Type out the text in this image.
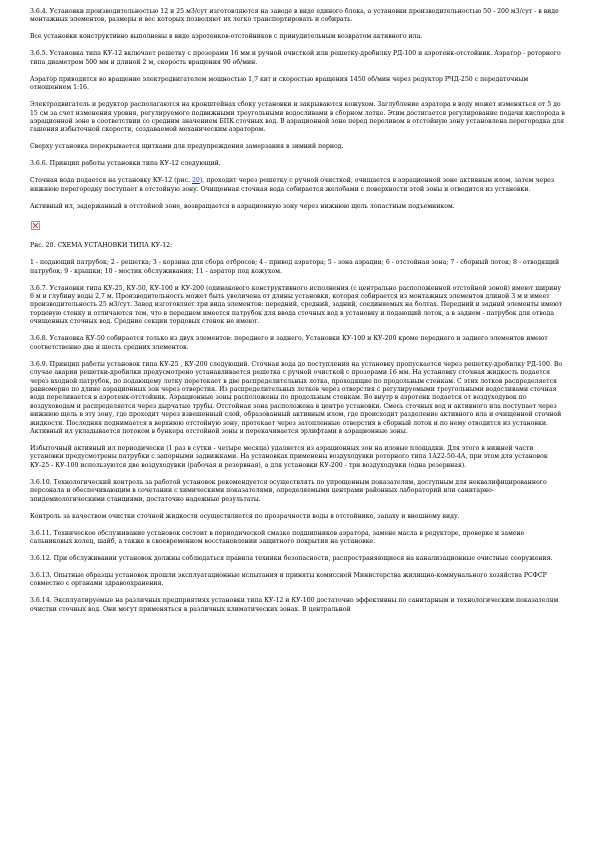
3.6.4. Установки производительностью 12 и 25 м3/сут изготовляются на заводе в виде единого блока, а установки производительностью 50 - 200 м3/сут - в виде монтажных элементов, размеры и вес которых позволяют их легко транспортировать и собирать.

Все установки конструктивно выполнены в виде аэротенков-отстойников с принудительным возвратом активного ила.

3.6.5. Установка типа КУ-12 включает решетку с прозорами 16 мм и ручной очисткой или решетку-дробилку РД-100 и аэротенк-отстойник. Аэратор - роторного типа диаметром 500 мм и длиной 2 м, скорость вращения 90 об/мин.

Аэратор приводится во вращение электродвигателем мощностью 1,7 квт и скоростью вращения 1450 об/мин через редуктор РЧД-250 с передаточным отношением 1:16.

Электродвигатель и редуктор располагаются на кронштейнах сбоку установки и закрываются кожухом. Заглубление аэратора в воду может изменяться от 5 до 15 см за счет изменения уровня, регулируемого подвижными треугольными водосливами в сборном лотке. Этим достигается регулирование подачи кислорода в аэрационной зоне в соответствии со средним значением БПК сточных вод. В аэрационной зоне перед переливом в отстойную зону установлена перегородка для гашения избыточной скорости, создаваемой механическим аэратором.

Сверху установка перекрывается щитками для предупреждения замерзания в зимний период.

3.6.6. Принцип работы установки типа КУ-12 следующий.

Сточная вода подается на установку КУ-12 (рис. 20), проходит через решетку с ручной очисткой, очищается в аэрационной зоне активным илом, затем через нижнюю перегородку поступает в отстойную зону. Очищенная сточная вода собирается желобами с поверхности этой зоны и отводится из установки.

Активный ил, задержанный в отстойной зоне, возвращается в аэрационную зону через нижнюю щель лопастным подъемником.

Рис. 20. СХЕМА УСТАНОВКИ ТИПА КУ-12:

1 - подающий патрубок; 2 - решетка; 3 - корзина для сбора отбросов; 4 - привод аэратора; 5 - зона аэрации; 6 - отстойная зона; 7 - сборный лоток; 8 - отводящий патрубок; 9 - крышки; 10 - мостик обслуживания; 11 - аэратор под кожухом.

3.6.7. Установки типа КУ-25, КУ-50, КУ-100 и КУ-200 (одинакового конструктивного исполнения (с центрально расположенной отстойной зоной) имеют ширину 6 м и глубину воды 2,7 м. Производительность может быть увеличена от длины установки, которая собирается из монтажных элементов длиной 3 м и имеет производительность 25 м3/сут. Завод изготовляет три вида элементов: передний, средний, задний, соединяемых на болтах. Передний и задний элементы имеют торцевую стенку и отличаются тем, что в переднем имеется патрубок для ввода сточных вод в установку и подающий лоток, а в заднем - патрубок для отвода очищенных сточных вод. Средние секции торцовых стенок не имеют.

3.6.8. Установка КУ-50 собирается только из двух элементов: переднего и заднего. Установки КУ-100 и КУ-200 кроме переднего и заднего элементов имеют соответственно два и шесть средних элементов.

3.6.9. Принцип работы установок типа КУ-25 , КУ-200 следующий. Сточная вода до поступления на установку пропускается через решетку-дробилку РД-100. Во случае аварии решетки-дробилки предусмотрено устанавливается решетка с ручной очисткой с прозорами 16 мм. На установку сточная жидкость подается через входной патрубок, по подающему лотку перетекает в две распределительных лотка, проходящие по продольным стенкам. С этих лотков распределяется равномерно по длине аэрационных зон через отверстия. Из распределительных лотков через отверстия с регулируемыми треугольными водосливами сточная вода переливается в аэротенк-отстойник. Аэрационные зоны расположены по продольным стенкам. Во внутр в аэротенк подается от воздуходувок по воздуховодам и распределяется через дырчатые трубы. Отстойная зона расположена в центре установки. Смесь сточных вод и активного ила поступает через нижнюю щель в эту зону, где проходит через взвешенный слой, образованный активным илом, где происходит разделение активного ила и очищенной сточной жидкости. Последняя поднимается в верхнюю отстойную зону, протекает через затопленные отверстия в сборный лоток и по нему отводится из установки. Активный ил укладывается потоком в бункера отстойной зоны и перекачивается эрлифтами в аэрационные зоны.

Избыточный активный ил периодически (1 раз в сутки - четыре месяца) удаляется из аэрационных зон на иловые площадки. Для этого в нижней части установки предусмотрены патрубки с запорными задвижками. На установках применены воздуходувки роторного типа 1А22-50-4А, при этом для установок КУ-25 - КУ-100 используются две воздуходувки (рабочая и резервная), а для установки КУ-200 - три воздуходувки (одна резервная).

3.6.10. Технологический контроль за работой установок рекомендуется осуществлять по упрощенным показателям, доступным для неквалифицированного персонала и обеспечивающим в сочетании с химическими показателями, определяемыми центрами районных лабораторий или санитарно-эпидемиологическими станциями, достаточно надежные результаты.

Контроль за качеством очистки сточной жидкости осуществляется по прозрачности воды в отстойнике, запаху и внешнему виду.

3.6.11. Техническое обслуживание установок состоит в периодической смазке подшипников аэратора, замене масла в редукторе, проверке и замене сальниковых колец, шайб, а также в своевременном восстановлении защитного покрытия на установке.

3.6.12. При обслуживании установок должны соблюдаться правила техники безопасности, распространяющиеся на канализационные очистные сооружения.

3.6.13. Опытные образцы установок прошли эксплуатационные испытания и приняты комиссией Министерства жилищно-коммунального хозяйства РСФСР совместно с органами здравоохранения.

3.6.14. Эксплуатируемые на различных предприятиях установки типа КУ-12 и КУ-100 достаточно эффективны по санитарным и технологическим показателям очистки сточных вод. Они могут применяться в различных климатических зонах. В центральной
